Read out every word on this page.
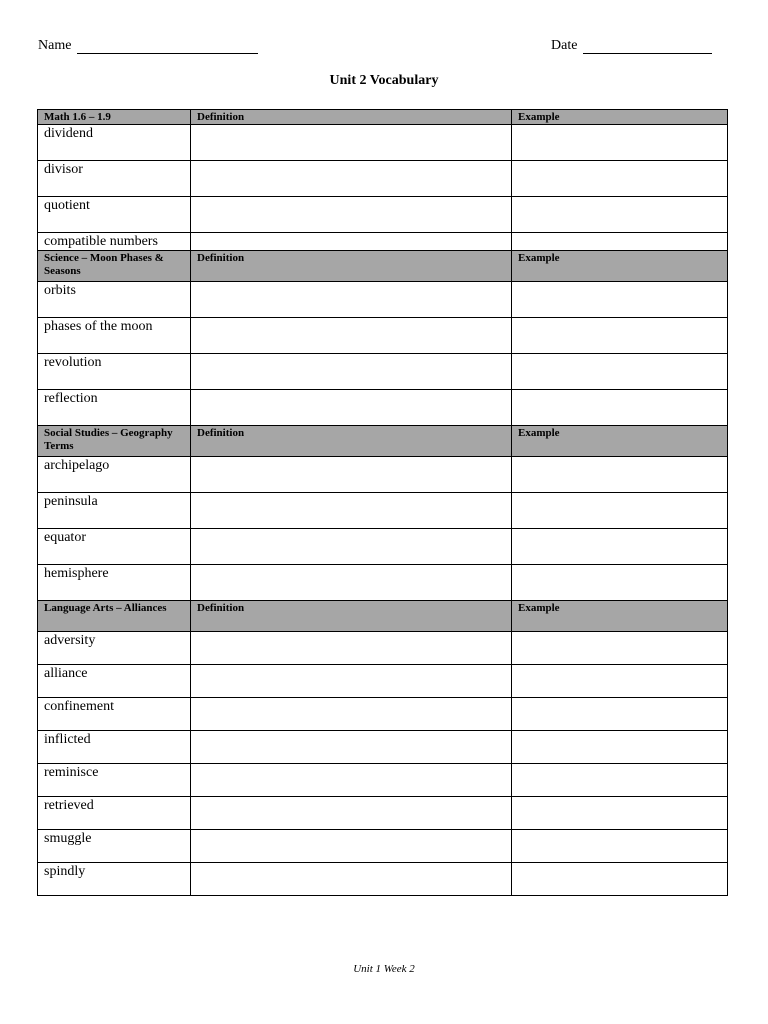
Name	Date
Unit 2 Vocabulary
Math 1.6 – 1.9	Definition	Example
dividend		
divisor		
quotient		
compatible numbers		
Science – Moon Phases & Seasons	Definition	Example
orbits		
phases of the moon		
revolution		
reflection		
Social Studies – Geography Terms	Definition	Example
archipelago		
peninsula		
equator		
hemisphere		
Language Arts – Alliances	Definition	Example
adversity		
alliance		
confinement		
inflicted		
reminisce		
retrieved		
smuggle		
spindly		
Unit 1 Week 2
